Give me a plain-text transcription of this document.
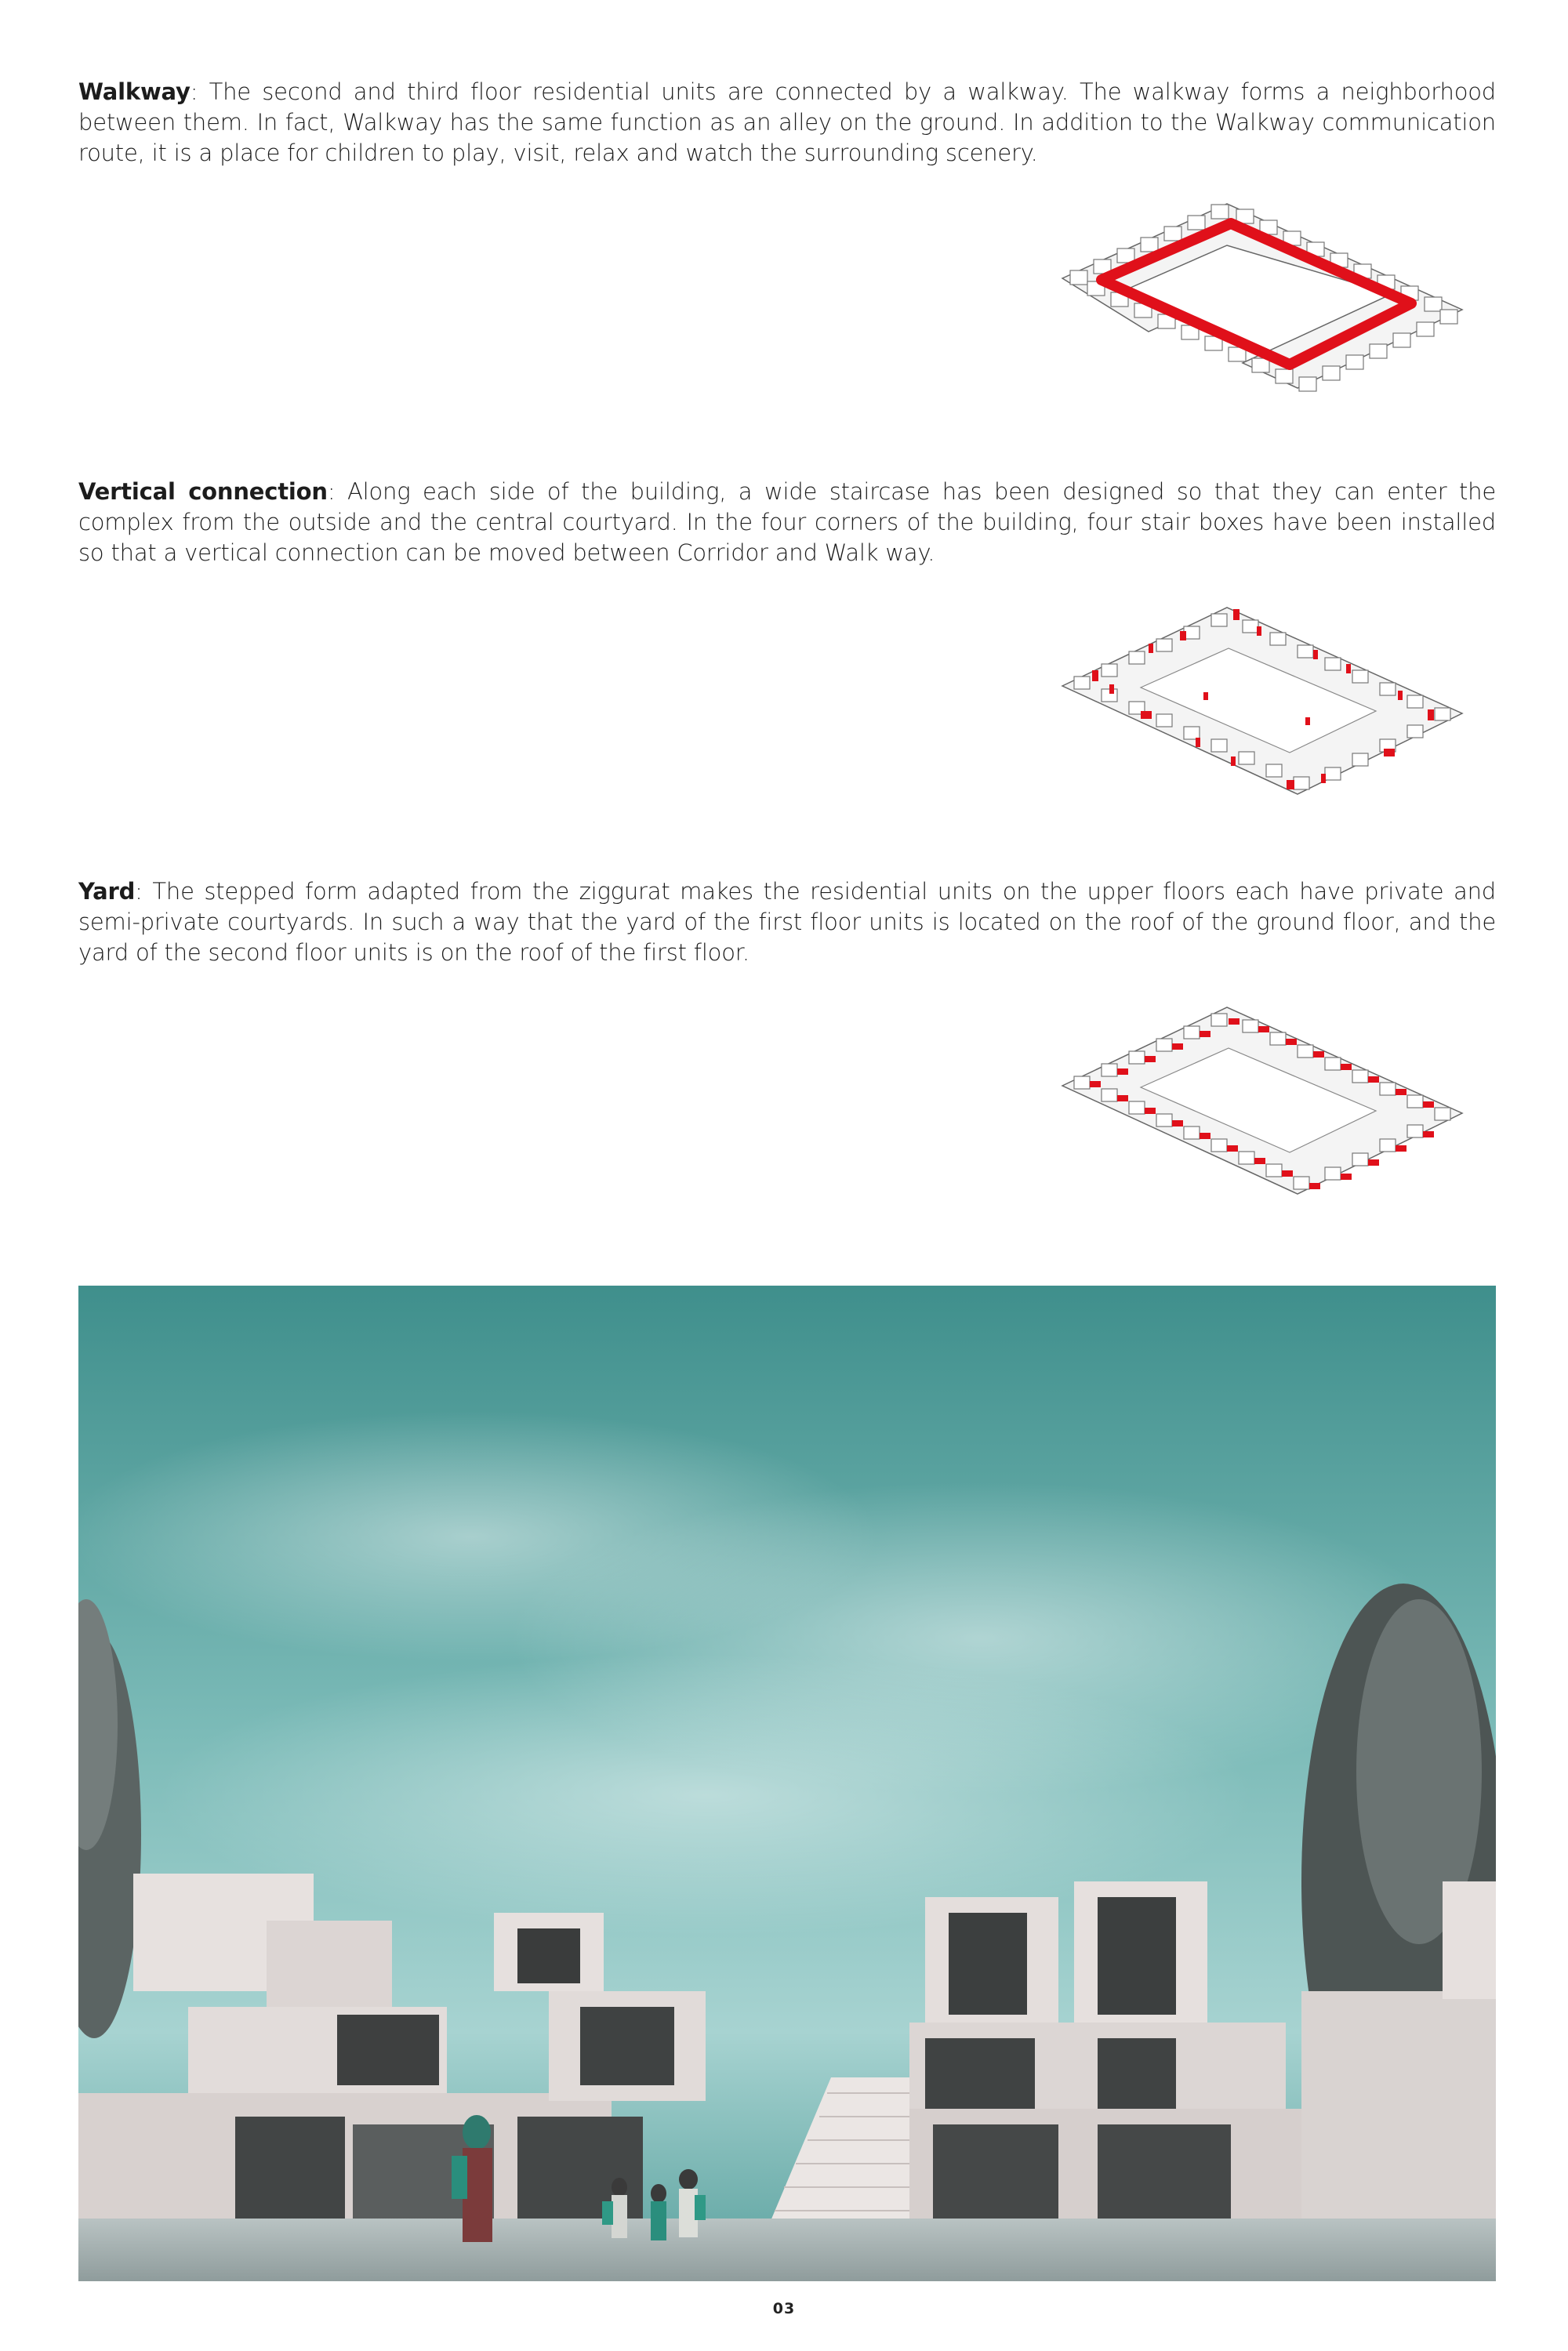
Walkway: The second and third floor residential units are connected by a walkway. The walkway forms a neighborhood between them. In fact, Walkway has the same function as an alley on the ground. In addition to the Walkway communication route, it is a place for children to play, visit, relax and watch the surrounding scenery.

Vertical connection: Along each side of the building, a wide staircase has been designed so that they can enter the complex from the outside and the central courtyard. In the four corners of the building, four stair boxes have been installed so that a vertical connection can be moved between Corridor and Walk way.

Yard: The stepped form adapted from the ziggurat makes the residential units on the upper floors each have private and semi-private courtyards. In such a way that the yard of the first floor units is located on the roof of the ground floor, and the yard of the second floor units is on the roof of the first floor.

03
